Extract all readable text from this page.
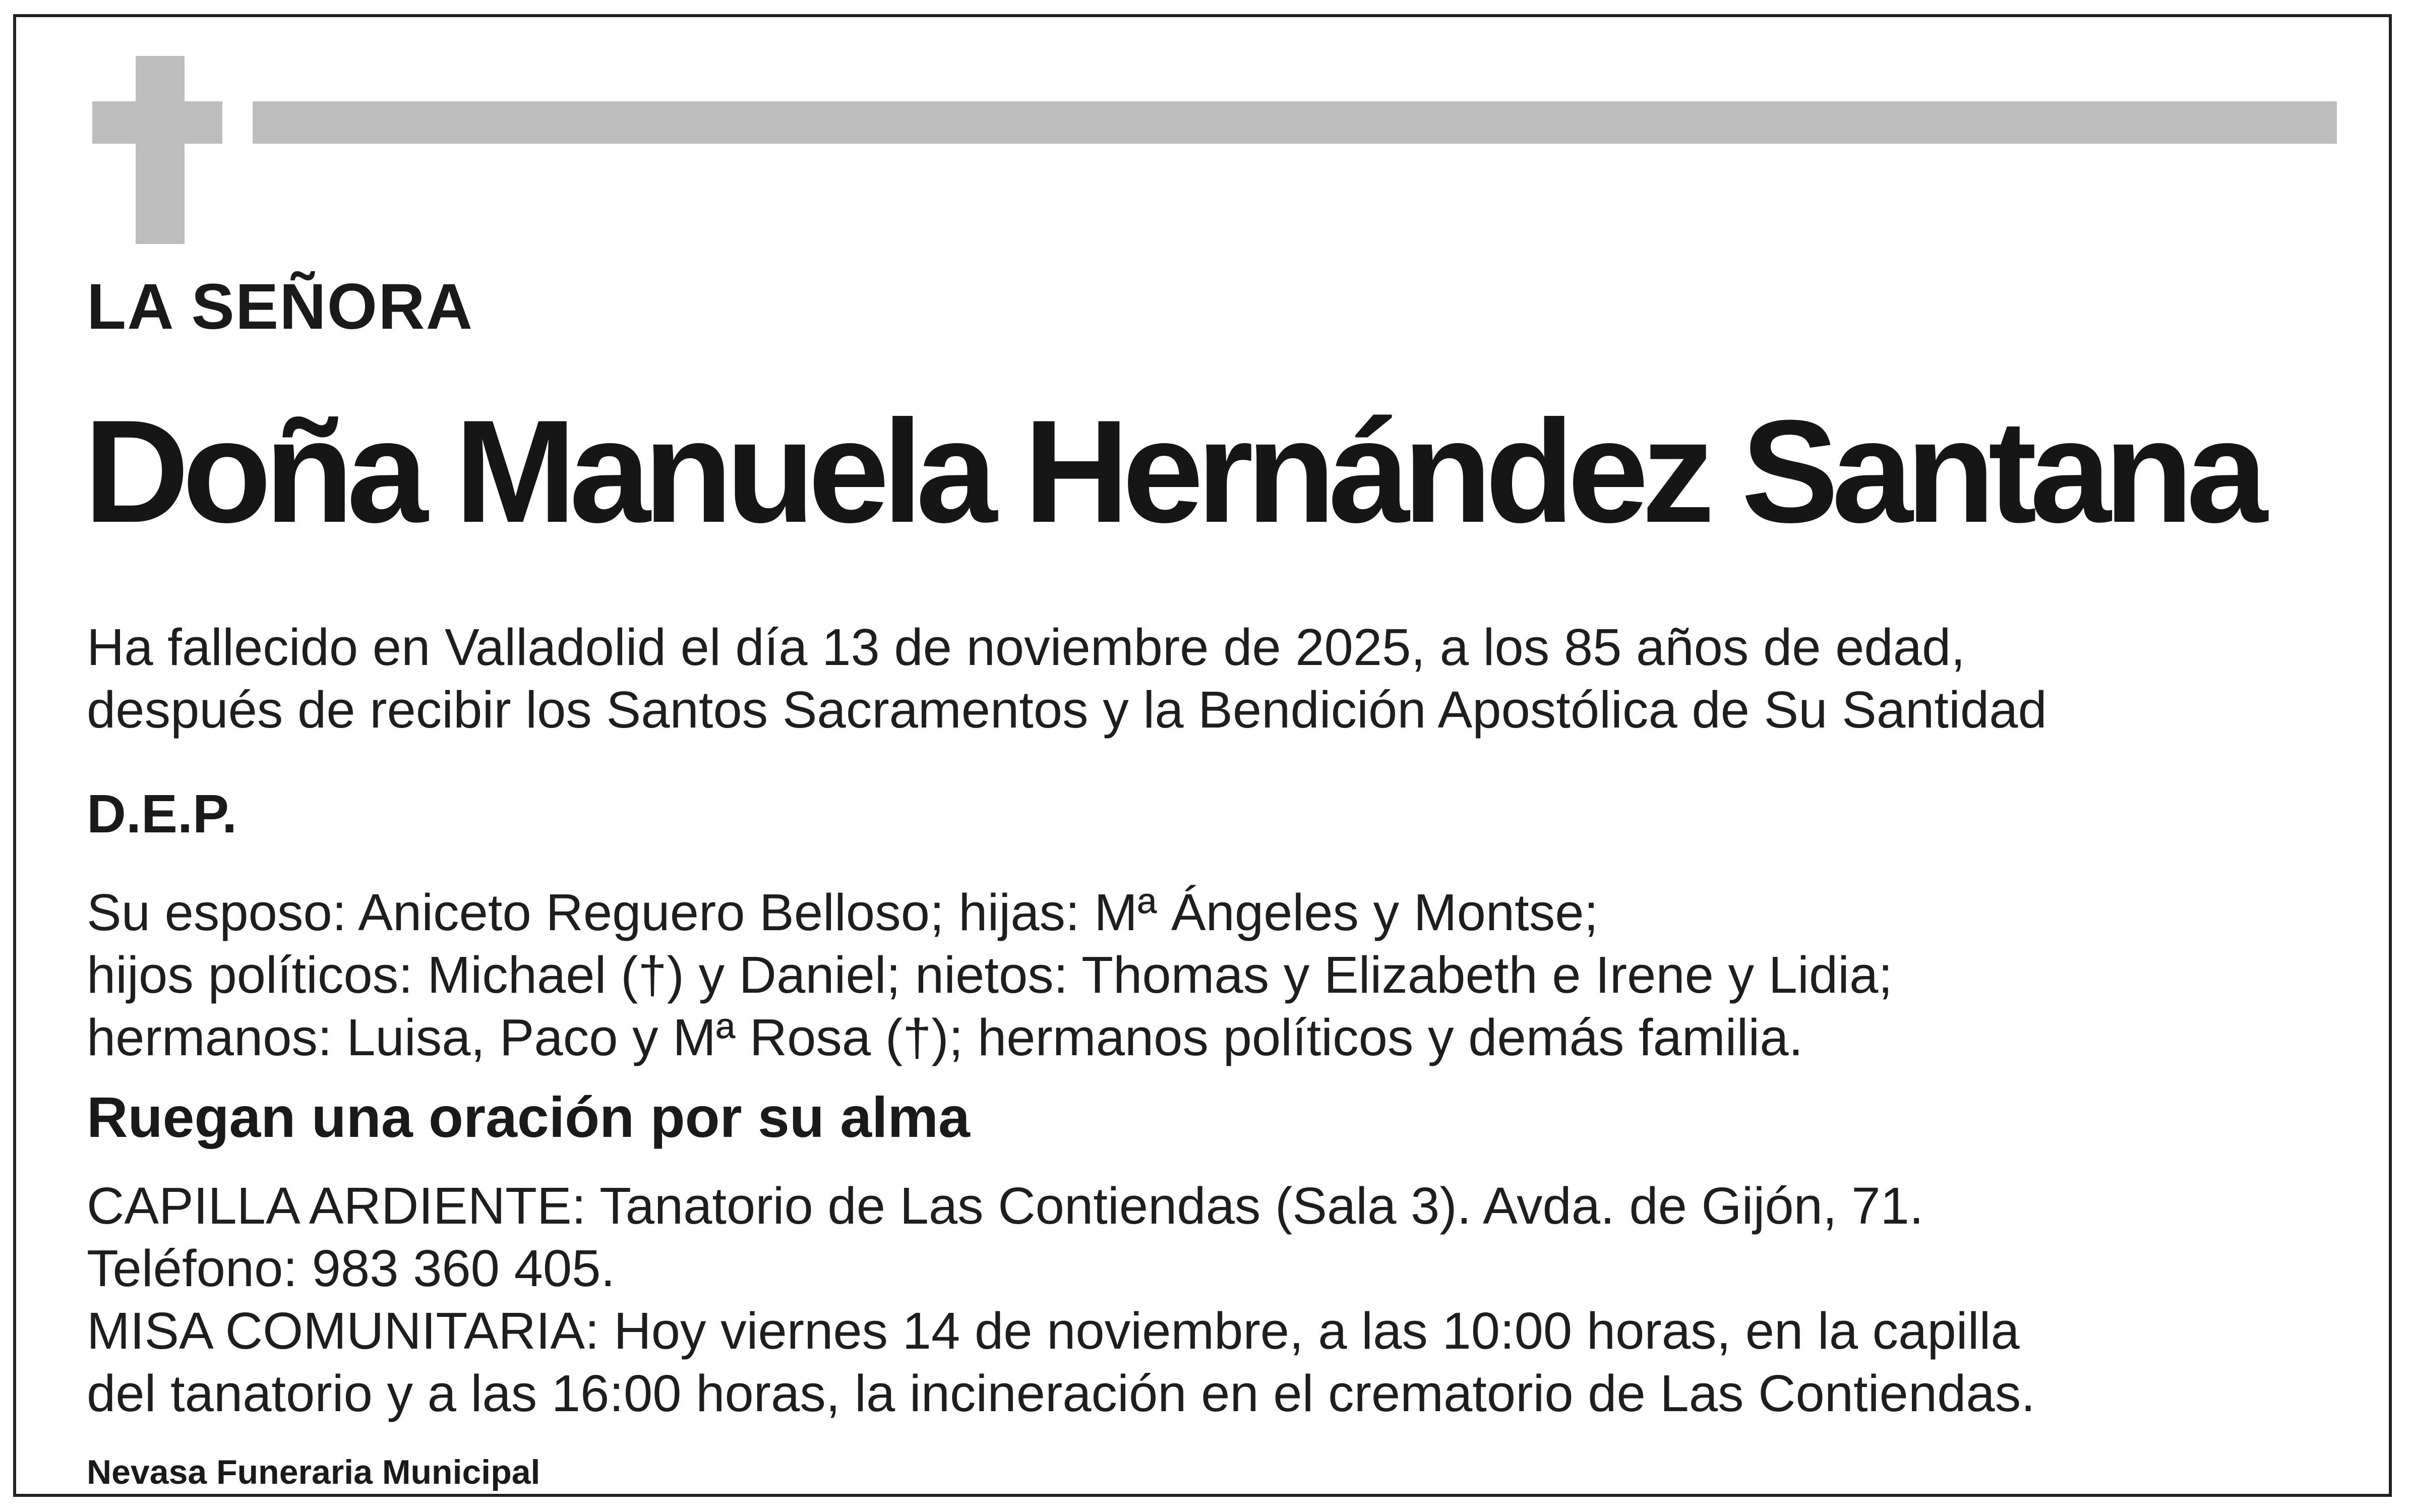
LA SEÑORA
Doña Manuela Hernández Santana
Ha fallecido en Valladolid el día 13 de noviembre de 2025, a los 85 años de edad,
después de recibir los Santos Sacramentos y la Bendición Apostólica de Su Santidad
D.E.P.
Su esposo: Aniceto Reguero Belloso; hijas: Mª Ángeles y Montse;
hijos políticos: Michael (†) y Daniel; nietos: Thomas y Elizabeth e Irene y Lidia;
hermanos: Luisa, Paco y Mª Rosa (†); hermanos políticos y demás familia.
Ruegan una oración por su alma
CAPILLA ARDIENTE: Tanatorio de Las Contiendas (Sala 3). Avda. de Gijón, 71.
Teléfono: 983 360 405.
MISA COMUNITARIA: Hoy viernes 14 de noviembre, a las 10:00 horas, en la capilla
del tanatorio y a las 16:00 horas, la incineración en el crematorio de Las Contiendas.
Nevasa Funeraria Municipal
